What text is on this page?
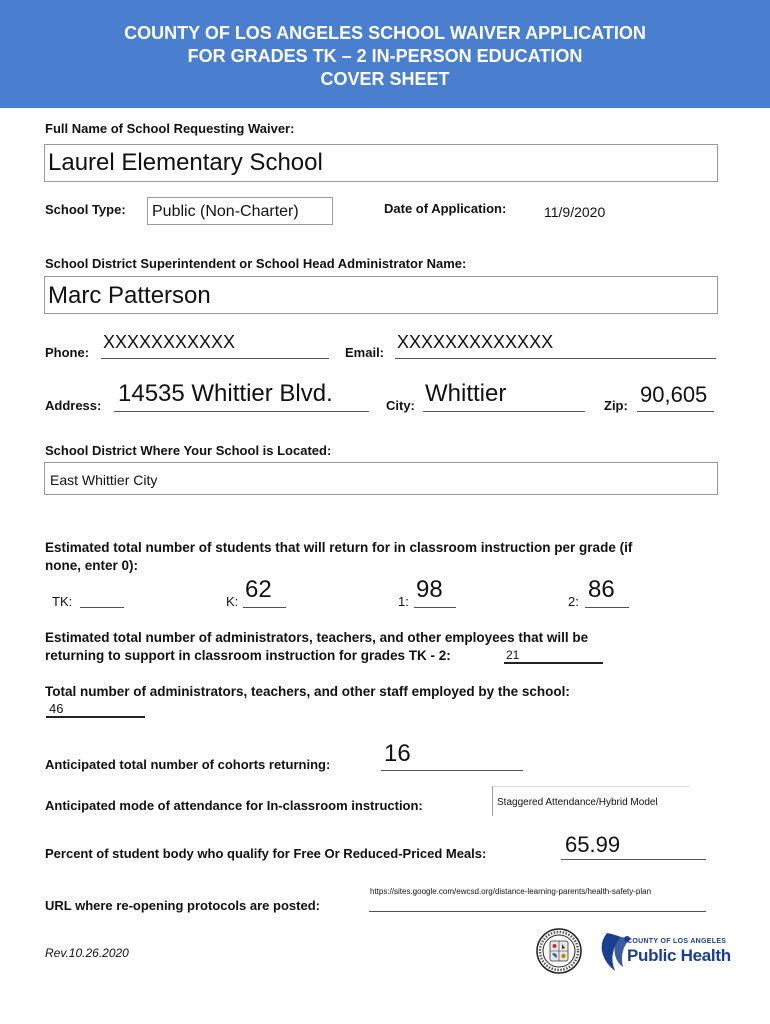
COUNTY OF LOS ANGELES SCHOOL WAIVER APPLICATION
FOR GRADES TK – 2 IN-PERSON EDUCATION
COVER SHEET
Full Name of School Requesting Waiver:
Laurel Elementary School
School Type: Public (Non-Charter)	Date of Application:	11/9/2020
School District Superintendent or School Head Administrator Name:
Marc Patterson
Phone:
XXXXXXXXXXX
Email:
XXXXXXXXXXXXX
Address: 14535 Whittier Blvd.	City: Whittier	Zip: 90,605
School District Where Your School is Located:
East Whittier City
Estimated total number of students that will return for in classroom instruction per grade (if
none, enter 0):
TK:	K: 62	1: 98	2: 86
Estimated total number of administrators, teachers, and other employees that will be
returning to support in classroom instruction for grades TK - 2:	21
Total number of administrators, teachers, and other staff employed by the school:
46
Anticipated total number of cohorts returning: 16
Anticipated mode of attendance for In-classroom instruction:	Staggered Attendance/Hybrid Model
Percent of student body who qualify for Free Or Reduced-Priced Meals:	65.99
URL where re-opening protocols are posted:
https://sites.google.com/ewcsd.org/distance-learning-parents/health-safety-plan
Rev.10.26.2020
COUNTY OF LOS ANGELES
Public Health
